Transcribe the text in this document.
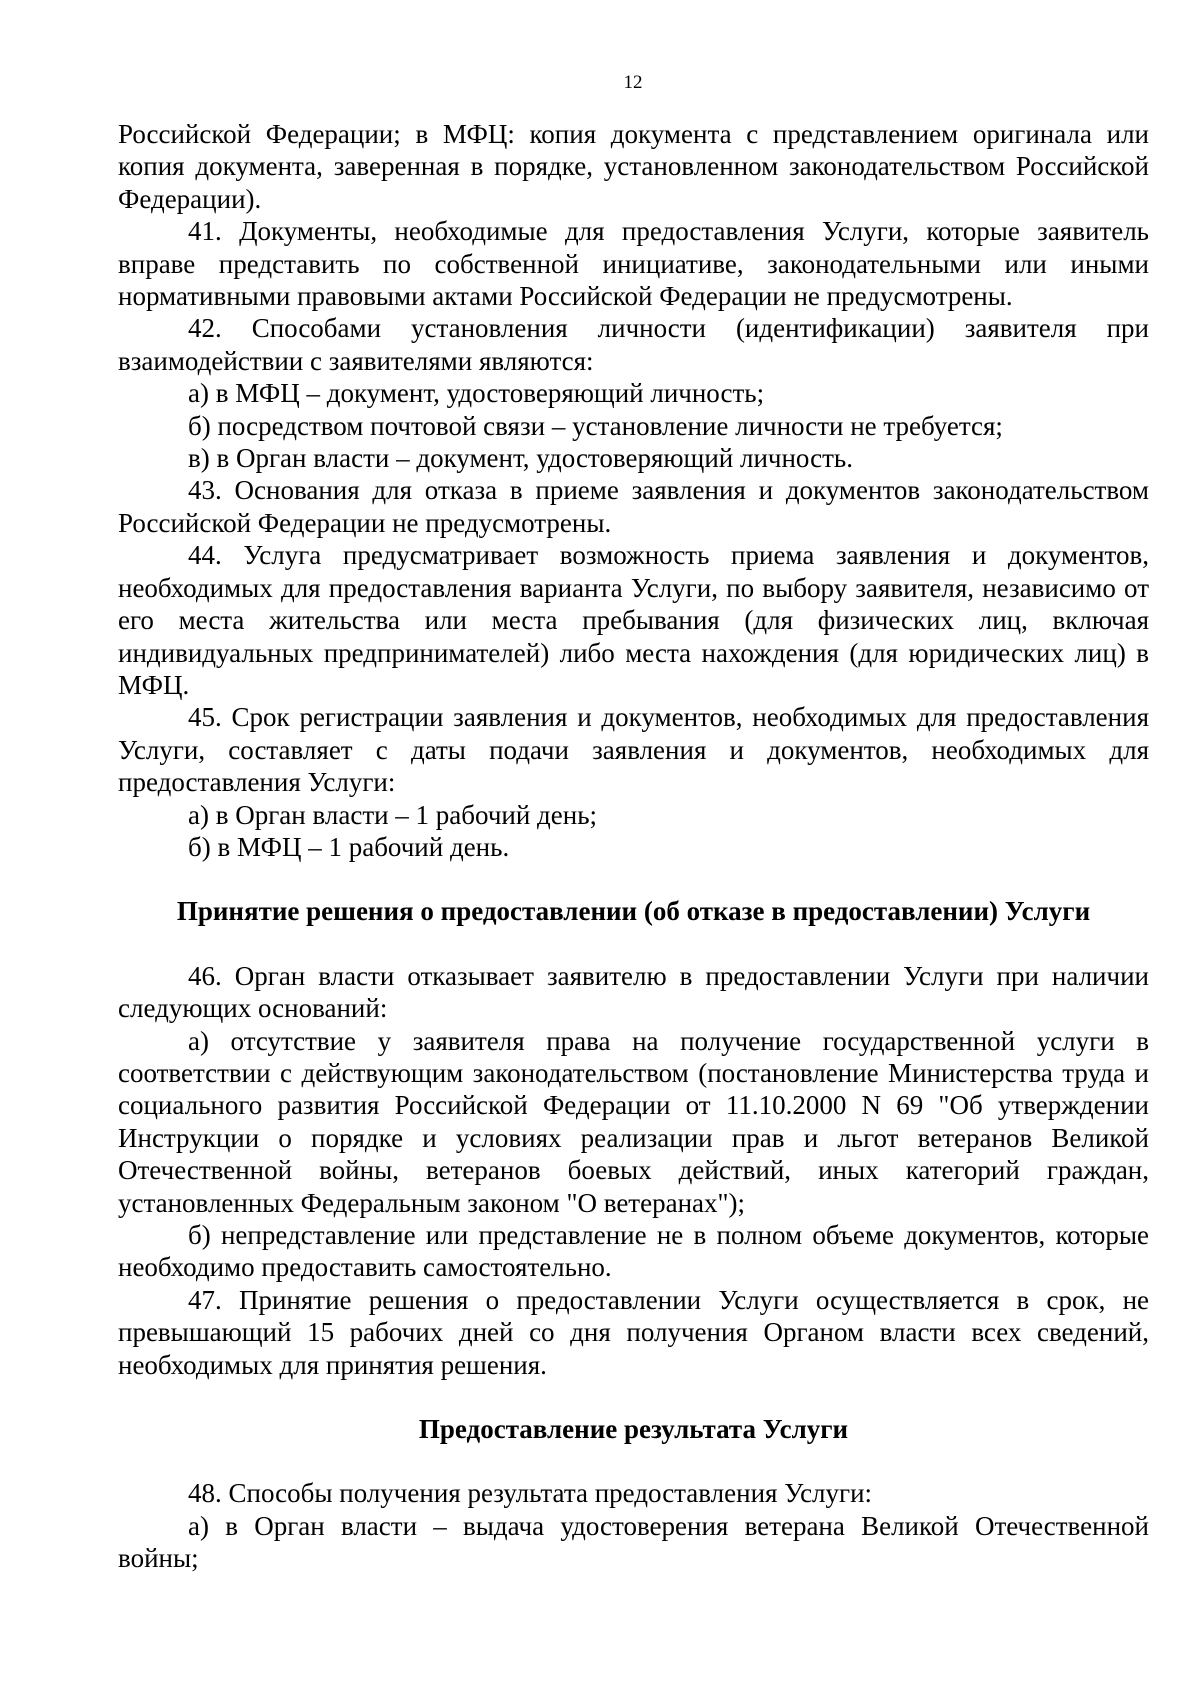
12

Российской Федерации; в МФЦ: копия документа с представлением оригинала или копия документа, заверенная в порядке, установленном законодательством Российской Федерации).

41. Документы, необходимые для предоставления Услуги, которые заявитель вправе представить по собственной инициативе, законодательными или иными нормативными правовыми актами Российской Федерации не предусмотрены.

42. Способами установления личности (идентификации) заявителя при взаимодействии с заявителями являются:

а) в МФЦ – документ, удостоверяющий личность;

б) посредством почтовой связи – установление личности не требуется;

в) в Орган власти – документ, удостоверяющий личность.

43. Основания для отказа в приеме заявления и документов законодательством Российской Федерации не предусмотрены.

44. Услуга предусматривает возможность приема заявления и документов, необходимых для предоставления варианта Услуги, по выбору заявителя, независимо от его места жительства или места пребывания (для физических лиц, включая индивидуальных предпринимателей) либо места нахождения (для юридических лиц) в МФЦ.

45. Срок регистрации заявления и документов, необходимых для предоставления Услуги, составляет с даты подачи заявления и документов, необходимых для предоставления Услуги:

а) в Орган власти – 1 рабочий день;

б) в МФЦ – 1 рабочий день.

Принятие решения о предоставлении (об отказе в предоставлении) Услуги

46. Орган власти отказывает заявителю в предоставлении Услуги при наличии следующих оснований:

а) отсутствие у заявителя права на получение государственной услуги в соответствии с действующим законодательством (постановление Министерства труда и социального развития Российской Федерации от 11.10.2000 N 69 "Об утверждении Инструкции о порядке и условиях реализации прав и льгот ветеранов Великой Отечественной войны, ветеранов боевых действий, иных категорий граждан, установленных Федеральным законом "О ветеранах");

б) непредставление или представление не в полном объеме документов, которые необходимо предоставить самостоятельно.

47. Принятие решения о предоставлении Услуги осуществляется в срок, не превышающий 15 рабочих дней со дня получения Органом власти всех сведений, необходимых для принятия решения.

Предоставление результата Услуги

48. Способы получения результата предоставления Услуги:

а) в Орган власти – выдача удостоверения ветерана Великой Отечественной войны;
